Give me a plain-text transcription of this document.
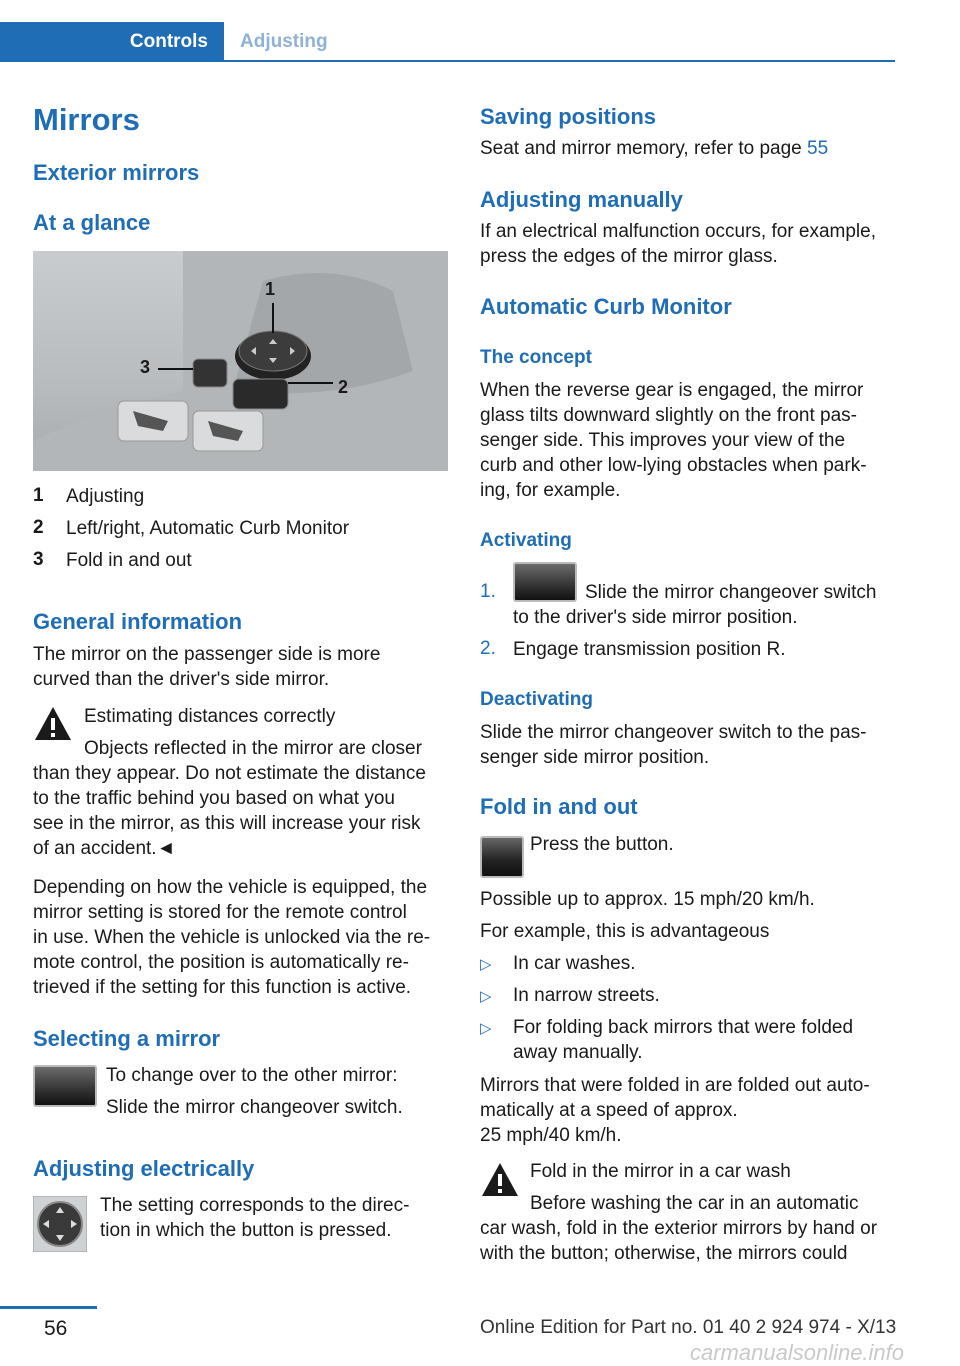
Controls	Adjusting
Mirrors
Exterior mirrors
At a glance
1
2
3
1 Adjusting
2 Left/right, Automatic Curb Monitor
3 Fold in and out
General information
The mirror on the passenger side is more
curved than the driver's side mirror.
Estimating distances correctly
Objects reflected in the mirror are closer
than they appear. Do not estimate the distance
to the traffic behind you based on what you
see in the mirror, as this will increase your risk
of an accident.◄
Depending on how the vehicle is equipped, the
mirror setting is stored for the remote control
in use. When the vehicle is unlocked via the re‐
mote control, the position is automatically re‐
trieved if the setting for this function is active.
Selecting a mirror
To change over to the other mirror:
Slide the mirror changeover switch.
Adjusting electrically
The setting corresponds to the direc‐
tion in which the button is pressed.
Saving positions
Seat and mirror memory, refer to page 55
Adjusting manually
If an electrical malfunction occurs, for example,
press the edges of the mirror glass.
Automatic Curb Monitor
The concept
When the reverse gear is engaged, the mirror
glass tilts downward slightly on the front pas‐
senger side. This improves your view of the
curb and other low-lying obstacles when park‐
ing, for example.
Activating
1.	Slide the mirror changeover switch
to the driver's side mirror position.
2. Engage transmission position R.
Deactivating
Slide the mirror changeover switch to the pas‐
senger side mirror position.
Fold in and out
Press the button.
Possible up to approx. 15 mph/20 km/h.
For example, this is advantageous
▷ In car washes.
▷ In narrow streets.
▷ For folding back mirrors that were folded
away manually.
Mirrors that were folded in are folded out auto‐
matically at a speed of approx.
25 mph/40 km/h.
Fold in the mirror in a car wash
Before washing the car in an automatic
car wash, fold in the exterior mirrors by hand or
with the button; otherwise, the mirrors could
56	Online Edition for Part no. 01 40 2 924 974 - X/13
carmanualsonline.info
